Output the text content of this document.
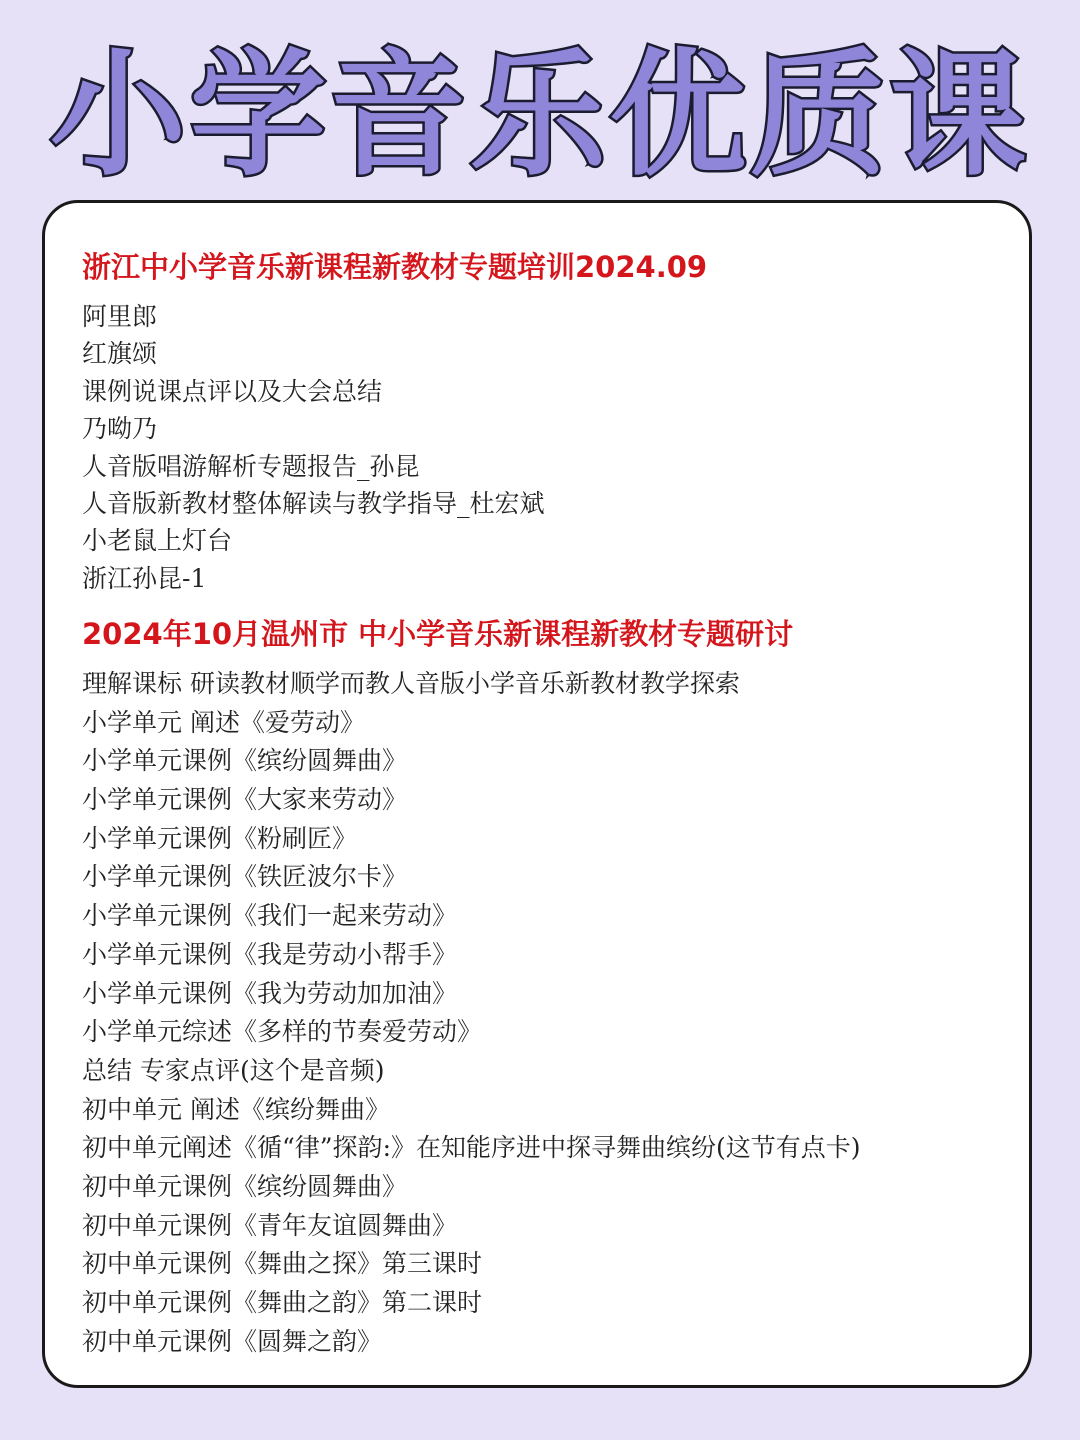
小学音乐优质课
浙江中小学音乐新课程新教材专题培训2024.09
阿里郎
红旗颂
课例说课点评以及大会总结
乃呦乃
人音版唱游解析专题报告_孙昆
人音版新教材整体解读与教学指导_杜宏斌
小老鼠上灯台
浙江孙昆-1
2024年10月温州市 中小学音乐新课程新教材专题研讨
理解课标 研读教材顺学而教人音版小学音乐新教材教学探索
小学单元 阐述《爱劳动》
小学单元课例《缤纷圆舞曲》
小学单元课例《大家来劳动》
小学单元课例《粉刷匠》
小学单元课例《铁匠波尔卡》
小学单元课例《我们一起来劳动》
小学单元课例《我是劳动小帮手》
小学单元课例《我为劳动加加油》
小学单元综述《多样的节奏爱劳动》
总结 专家点评(这个是音频)
初中单元 阐述《缤纷舞曲》
初中单元阐述《循“律”探韵:》在知能序进中探寻舞曲缤纷(这节有点卡)
初中单元课例《缤纷圆舞曲》
初中单元课例《青年友谊圆舞曲》
初中单元课例《舞曲之探》第三课时
初中单元课例《舞曲之韵》第二课时
初中单元课例《圆舞之韵》
